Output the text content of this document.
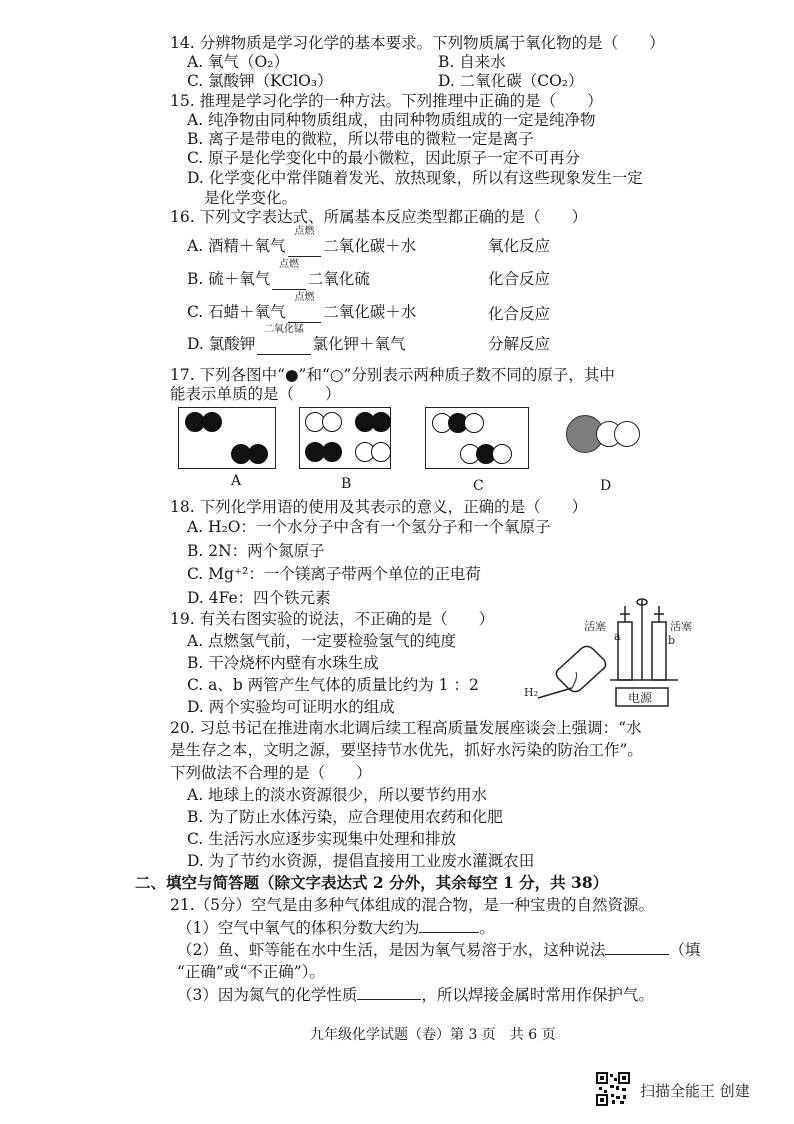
14. 分辨物质是学习化学的基本要求。下列物质属于氧化物的是（　　）
A. 氧气（O₂）	B. 自来水
C. 氯酸钾（KClO₃）	D. 二氧化碳（CO₂）
15. 推理是学习化学的一种方法。下列推理中正确的是（　　）
A. 纯净物由同种物质组成，由同种物质组成的一定是纯净物
B. 离子是带电的微粒，所以带电的微粒一定是离子
C. 原子是化学变化中的最小微粒，因此原子一定不可再分
D. 化学变化中常伴随着发光、放热现象，所以有这些现象发生一定
是化学变化。
16. 下列文字表达式、所属基本反应类型都正确的是（　　）
A. 酒精＋氧气
点燃
二氧化碳＋水	氧化反应
B. 硫＋氧气
点燃
二氧化硫	化合反应
C. 石蜡＋氧气
点燃
二氧化碳＋水	化合反应
D. 氯酸钾
二氧化锰
氯化钾＋氧气	分解反应
17. 下列各图中“●”和“○”分别表示两种质子数不同的原子，其中
能表示单质的是（　　）
A	B	C	D
18. 下列化学用语的使用及其表示的意义，正确的是（　　）
A. H₂O：一个水分子中含有一个氢分子和一个氧原子
B. 2N：两个氮原子
C. Mg⁺²：一个镁离子带两个单位的正电荷
D. 4Fe：四个铁元素
19. 有关右图实验的说法，不正确的是（　　）
A. 点燃氢气前，一定要检验氢气的纯度
B. 干冷烧杯内壁有水珠生成
C. a、b 两管产生气体的质量比约为 1 ：2
D. 两个实验均可证明水的组成
活塞	活塞
a	b
电源
H₂
20. 习总书记在推进南水北调后续工程高质量发展座谈会上强调：“水
是生存之本，文明之源，要坚持节水优先，抓好水污染的防治工作”。
下列做法不合理的是（　　）
A. 地球上的淡水资源很少，所以要节约用水
B. 为了防止水体污染，应合理使用农药和化肥
C. 生活污水应逐步实现集中处理和排放
D. 为了节约水资源，提倡直接用工业废水灌溉农田
二、填空与简答题（除文字表达式 2 分外，其余每空 1 分，共 38）
21.（5分）空气是由多种气体组成的混合物，是一种宝贵的自然资源。
（1）空气中氧气的体积分数大约为	。
（2）鱼、虾等能在水中生活，是因为氧气易溶于水，这种说法	（填
“正确”或“不正确”）。
（3）因为氮气的化学性质	，所以焊接金属时常用作保护气。
九年级化学试题（卷）第 3 页　共 6 页
扫描全能王 创建
